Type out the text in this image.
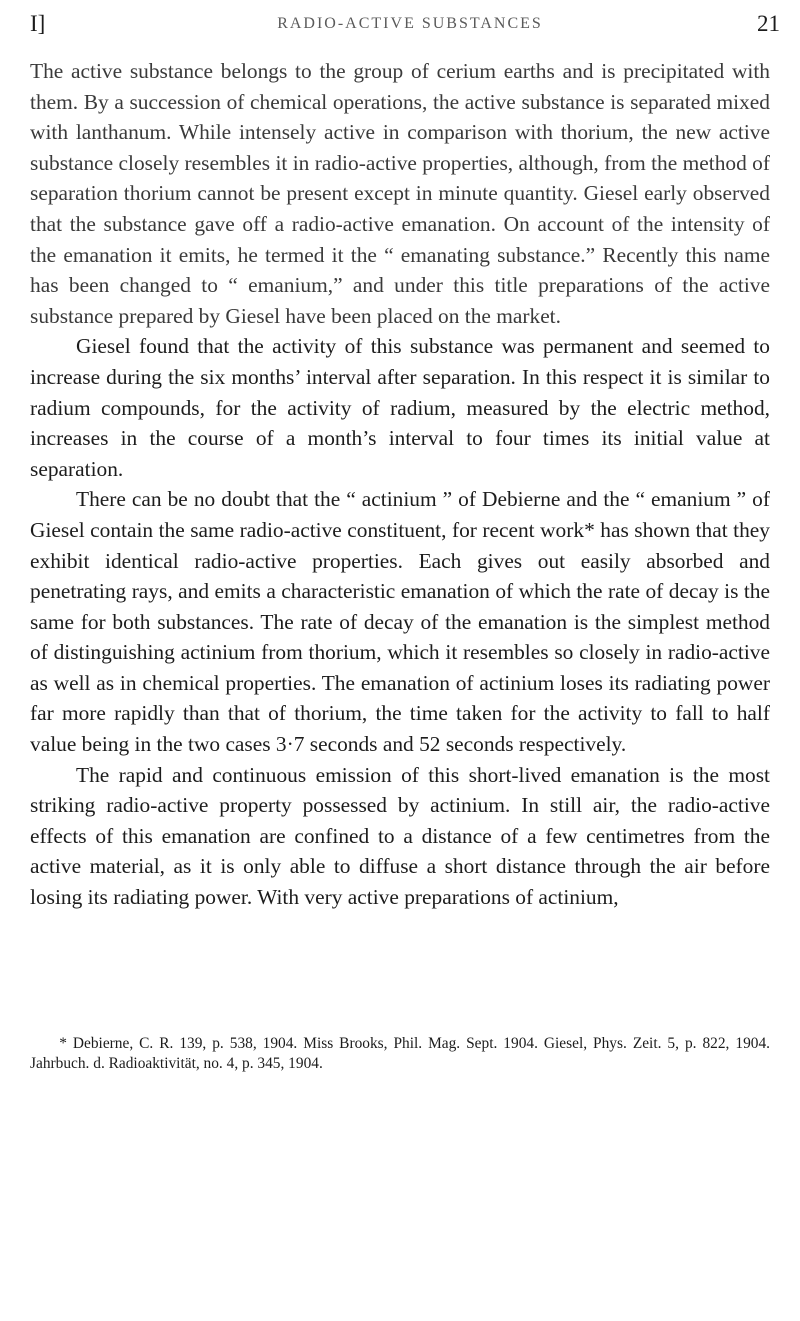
I]	RADIO-ACTIVE SUBSTANCES	21

The active substance belongs to the group of cerium earths and is precipitated with them. By a succession of chemical operations, the active substance is separated mixed with lanthanum. While intensely active in comparison with thorium, the new active substance closely resembles it in radio-active properties, although, from the method of separation thorium cannot be present except in minute quantity. Giesel early observed that the substance gave off a radio-active emanation. On account of the intensity of the emanation it emits, he termed it the “ emanating substance.” Recently this name has been changed to “ emanium,” and under this title preparations of the active substance prepared by Giesel have been placed on the market.

Giesel found that the activity of this substance was permanent and seemed to increase during the six months’ interval after separation. In this respect it is similar to radium compounds, for the activity of radium, measured by the electric method, increases in the course of a month’s interval to four times its initial value at separation.

There can be no doubt that the “ actinium ” of Debierne and the “ emanium ” of Giesel contain the same radio-active constituent, for recent work* has shown that they exhibit identical radio-active properties. Each gives out easily absorbed and penetrating rays, and emits a characteristic emanation of which the rate of decay is the same for both substances. The rate of decay of the emanation is the simplest method of distinguishing actinium from thorium, which it resembles so closely in radio-active as well as in chemical properties. The emanation of actinium loses its radiating power far more rapidly than that of thorium, the time taken for the activity to fall to half value being in the two cases 3·7 seconds and 52 seconds respectively.

The rapid and continuous emission of this short-lived emanation is the most striking radio-active property possessed by actinium. In still air, the radio-active effects of this emanation are confined to a distance of a few centimetres from the active material, as it is only able to diffuse a short distance through the air before losing its radiating power. With very active preparations of actinium,

* Debierne, C. R. 139, p. 538, 1904. Miss Brooks, Phil. Mag. Sept. 1904. Giesel, Phys. Zeit. 5, p. 822, 1904. Jahrbuch. d. Radioaktivität, no. 4, p. 345, 1904.
